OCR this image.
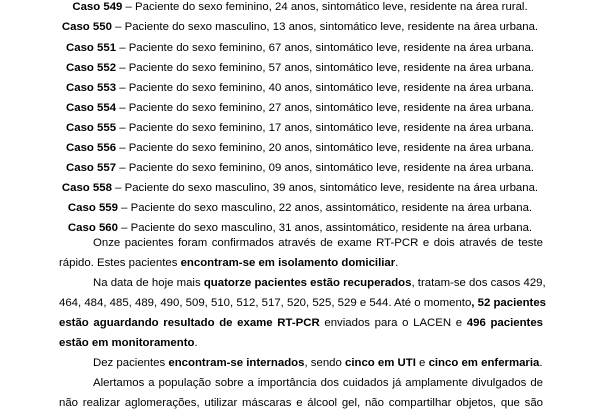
Caso 549 – Paciente do sexo feminino, 24 anos, sintomático leve, residente na área rural.
Caso 550 – Paciente do sexo masculino, 13 anos, sintomático leve, residente na área urbana.
Caso 551 – Paciente do sexo feminino, 67 anos, sintomático leve, residente na área urbana.
Caso 552 – Paciente do sexo feminino, 57 anos, sintomático leve, residente na área urbana.
Caso 553 – Paciente do sexo feminino, 40 anos, sintomático leve, residente na área urbana.
Caso 554 – Paciente do sexo feminino, 27 anos, sintomático leve, residente na área urbana.
Caso 555 – Paciente do sexo feminino, 17 anos, sintomático leve, residente na área urbana.
Caso 556 – Paciente do sexo feminino, 20 anos, sintomático leve, residente na área urbana.
Caso 557 – Paciente do sexo feminino, 09 anos, sintomático leve, residente na área urbana.
Caso 558 – Paciente do sexo masculino, 39 anos, sintomático leve, residente na área urbana.
Caso 559 – Paciente do sexo masculino, 22 anos, assintomático, residente na área urbana.
Caso 560 – Paciente do sexo masculino, 31 anos, assintomático, residente na área urbana.
Onze pacientes foram confirmados através de exame RT-PCR e dois através de teste
rápido. Estes pacientes encontram-se em isolamento domiciliar.
Na data de hoje mais quatorze pacientes estão recuperados, tratam-se dos casos 429,
464, 484, 485, 489, 490, 509, 510, 512, 517, 520, 525, 529 e 544. Até o momento, 52 pacientes
estão aguardando resultado de exame RT-PCR enviados para o LACEN e 496 pacientes
estão em monitoramento.
Dez pacientes encontram-se internados, sendo cinco em UTI e cinco em enfermaria.
Alertamos a população sobre a importância dos cuidados já amplamente divulgados de
não realizar aglomerações, utilizar máscaras e álcool gel, não compartilhar objetos, que são
